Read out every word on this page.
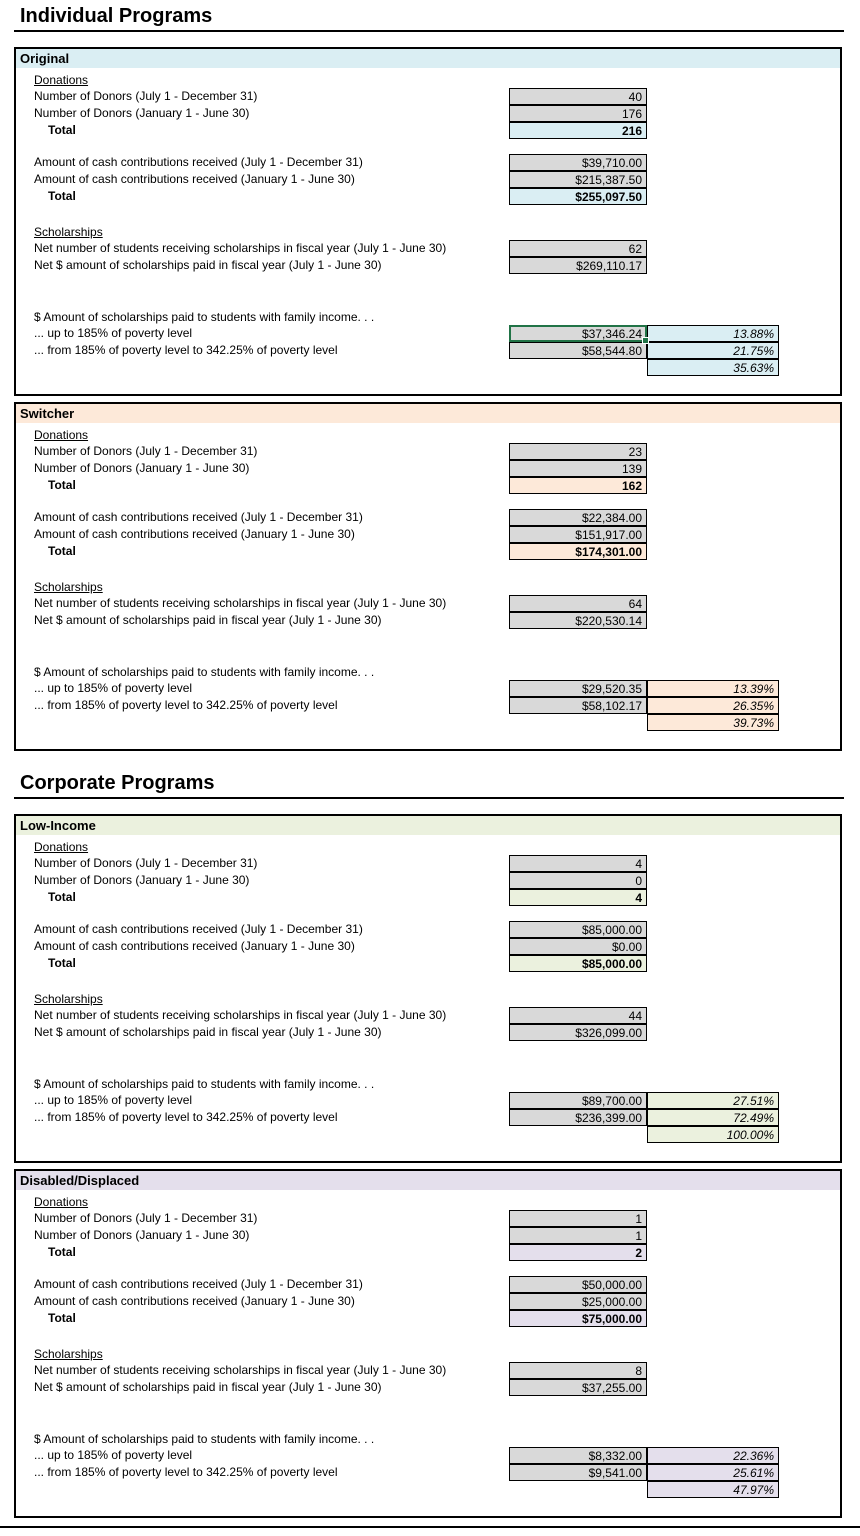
Individual Programs
Original
Donations
Number of Donors (July 1 - December 31)	40
Number of Donors (January 1 - June 30)	176
Total	216
Amount of cash contributions received (July 1 - December 31)	$39,710.00
Amount of cash contributions received (January 1 - June 30)	$215,387.50
Total	$255,097.50
Scholarships
Net number of students receiving scholarships in fiscal year (July 1 - June 30)	62
Net $ amount of scholarships paid in fiscal year (July 1 - June 30)	$269,110.17
$ Amount of scholarships paid to students with family income. . .
... up to 185% of poverty level	$37,346.24	13.88%
... from 185% of poverty level to 342.25% of poverty level	$58,544.80	21.75%
35.63%
Switcher
Donations
Number of Donors (July 1 - December 31)	23
Number of Donors (January 1 - June 30)	139
Total	162
Amount of cash contributions received (July 1 - December 31)	$22,384.00
Amount of cash contributions received (January 1 - June 30)	$151,917.00
Total	$174,301.00
Scholarships
Net number of students receiving scholarships in fiscal year (July 1 - June 30)	64
Net $ amount of scholarships paid in fiscal year (July 1 - June 30)	$220,530.14
$ Amount of scholarships paid to students with family income. . .
... up to 185% of poverty level	$29,520.35	13.39%
... from 185% of poverty level to 342.25% of poverty level	$58,102.17	26.35%
39.73%
Corporate Programs
Low-Income
Donations
Number of Donors (July 1 - December 31)	4
Number of Donors (January 1 - June 30)	0
Total	4
Amount of cash contributions received (July 1 - December 31)	$85,000.00
Amount of cash contributions received (January 1 - June 30)	$0.00
Total	$85,000.00
Scholarships
Net number of students receiving scholarships in fiscal year (July 1 - June 30)	44
Net $ amount of scholarships paid in fiscal year (July 1 - June 30)	$326,099.00
$ Amount of scholarships paid to students with family income. . .
... up to 185% of poverty level	$89,700.00	27.51%
... from 185% of poverty level to 342.25% of poverty level	$236,399.00	72.49%
100.00%
Disabled/Displaced
Donations
Number of Donors (July 1 - December 31)	1
Number of Donors (January 1 - June 30)	1
Total	2
Amount of cash contributions received (July 1 - December 31)	$50,000.00
Amount of cash contributions received (January 1 - June 30)	$25,000.00
Total	$75,000.00
Scholarships
Net number of students receiving scholarships in fiscal year (July 1 - June 30)	8
Net $ amount of scholarships paid in fiscal year (July 1 - June 30)	$37,255.00
$ Amount of scholarships paid to students with family income. . .
... up to 185% of poverty level	$8,332.00	22.36%
... from 185% of poverty level to 342.25% of poverty level	$9,541.00	25.61%
47.97%
